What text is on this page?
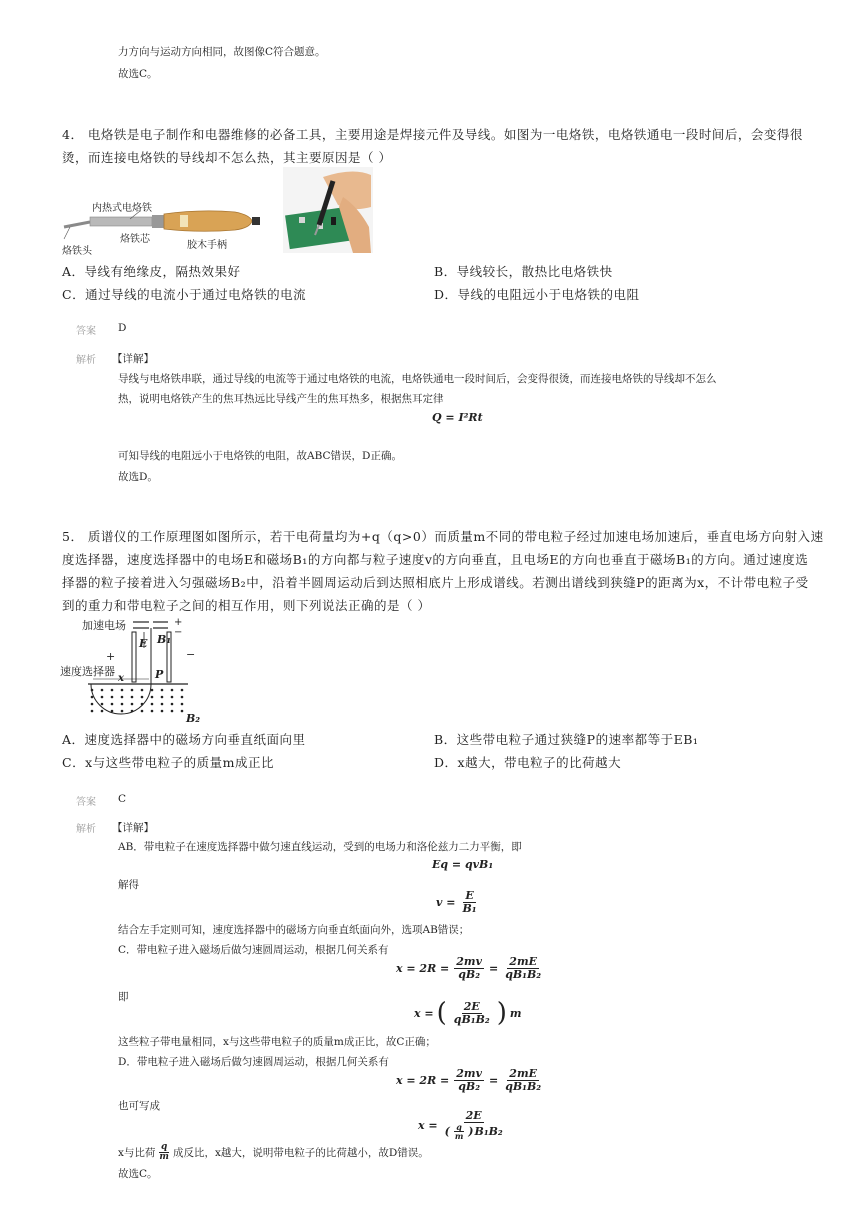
力方向与运动方向相同，故图像C符合题意。
故选C。
4． 电烙铁是电子制作和电器维修的必备工具，主要用途是焊接元件及导线。如图为一电烙铁，电烙铁通电一段时间后，会变得很
烫，而连接电烙铁的导线却不怎么热，其主要原因是（ ）
内热式电烙铁
烙铁芯
烙铁头
胶木手柄
A．导线有绝缘皮，隔热效果好	B．导线较长，散热比电烙铁快
C．通过导线的电流小于通过电烙铁的电流	D．导线的电阻远小于电烙铁的电阻
答案 D
解析 【详解】
导线与电烙铁串联，通过导线的电流等于通过电烙铁的电流，电烙铁通电一段时间后，会变得很烫，而连接电烙铁的导线却不怎么
热，说明电烙铁产生的焦耳热远比导线产生的焦耳热多，根据焦耳定律
Q = I²Rt
可知导线的电阻远小于电烙铁的电阻，故ABC错误，D正确。
故选D。
5． 质谱仪的工作原理图如图所示，若干电荷量均为+q（q>0）而质量m不同的带电粒子经过加速电场加速后，垂直电场方向射入速
度选择器，速度选择器中的电场E和磁场B₁的方向都与粒子速度v的方向垂直，且电场E的方向也垂直于磁场B₁的方向。通过速度选
择器的粒子接着进入匀强磁场B₂中，沿着半圆周运动后到达照相底片上形成谱线。若测出谱线到狭缝P的距离为x，不计带电粒子受
到的重力和带电粒子之间的相互作用，则下列说法正确的是（ ）
加速电场	+
−
E B₁
+	−
速度选择器	P
x
B₂
A．速度选择器中的磁场方向垂直纸面向里	B．这些带电粒子通过狭缝P的速率都等于EB₁
C．x与这些带电粒子的质量m成正比	D．x越大，带电粒子的比荷越大
答案 C
解析 【详解】
AB．带电粒子在速度选择器中做匀速直线运动，受到的电场力和洛伦兹力二力平衡，即
Eq = qvB₁
解得
$v = \frac{E}{\text{B₁}}$
结合左手定则可知，速度选择器中的磁场方向垂直纸面向外，选项AB错误；
C．带电粒子进入磁场后做匀速圆周运动，根据几何关系有
$x = 2R = \frac{2mv}{\text{qB₂}} = \frac{2mE}{\text{qB₁B₂}}$
即
x = ( $\frac{2E}{\text{qB₁B₂}}$ ) m
这些粒子带电量相同，x与这些带电粒子的质量m成正比，故C正确；
D．带电粒子进入磁场后做匀速圆周运动，根据几何关系有
$x = 2R = \frac{2mv}{\text{qB₂}} = \frac{2mE}{\text{qB₁B₂}}$
也可写成
$x = \frac{2E}{( \frac{q}{m} ) B_1B_2}$
x与比荷 $\frac{q}{m}$ 成反比，x越大，说明带电粒子的比荷越小，故D错误。
故选C。
